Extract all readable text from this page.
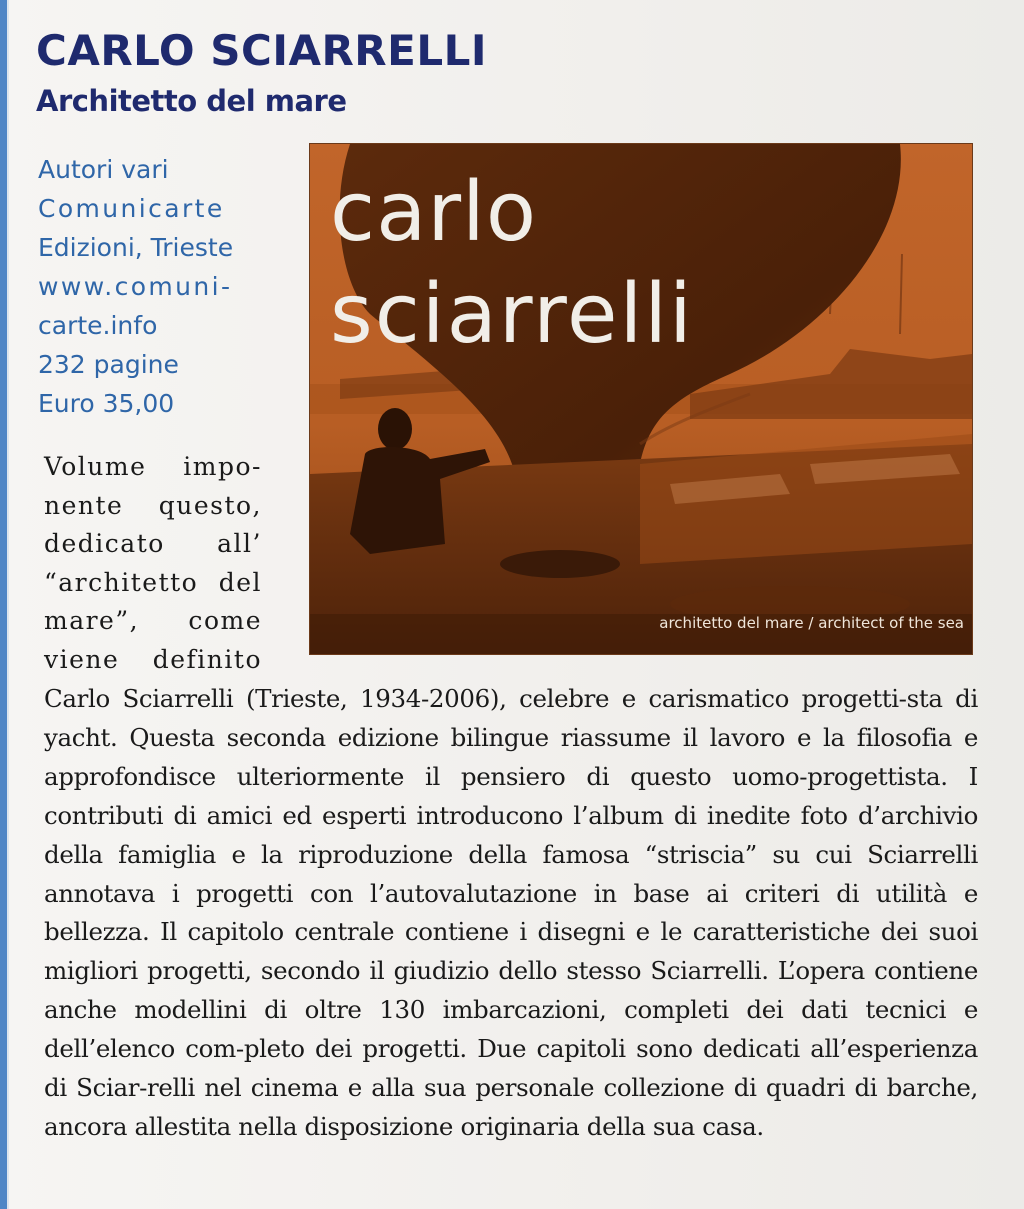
CARLO SCIARRELLI
Architetto del mare
Autori vari
Comunicarte
Edizioni, Trieste
www.comuni-
carte.info
232 pagine
Euro 35,00
carlo
sciarrelli
architetto del mare / architect of the sea
Volume impo-
nente questo,
dedicato all’
“architetto del
mare”, come
viene definito

Carlo Sciarrelli (Trieste, 1934-2006), celebre e carismatico progetti-sta di yacht. Questa seconda edizione bilingue riassume il lavoro e la filosofia e approfondisce ulteriormente il pensiero di questo uomo-progettista. I contributi di amici ed esperti introducono l’album di inedite foto d’archivio della famiglia e la riproduzione della famosa “striscia” su cui Sciarrelli annotava i progetti con l’autovalutazione in base ai criteri di utilità e bellezza. Il capitolo centrale contiene i disegni e le caratteristiche dei suoi migliori progetti, secondo il giudizio dello stesso Sciarrelli. L’opera contiene anche modellini di oltre 130 imbarcazioni, completi dei dati tecnici e dell’elenco com-pleto dei progetti. Due capitoli sono dedicati all’esperienza di Sciar-relli nel cinema e alla sua personale collezione di quadri di barche, ancora allestita nella disposizione originaria della sua casa.
